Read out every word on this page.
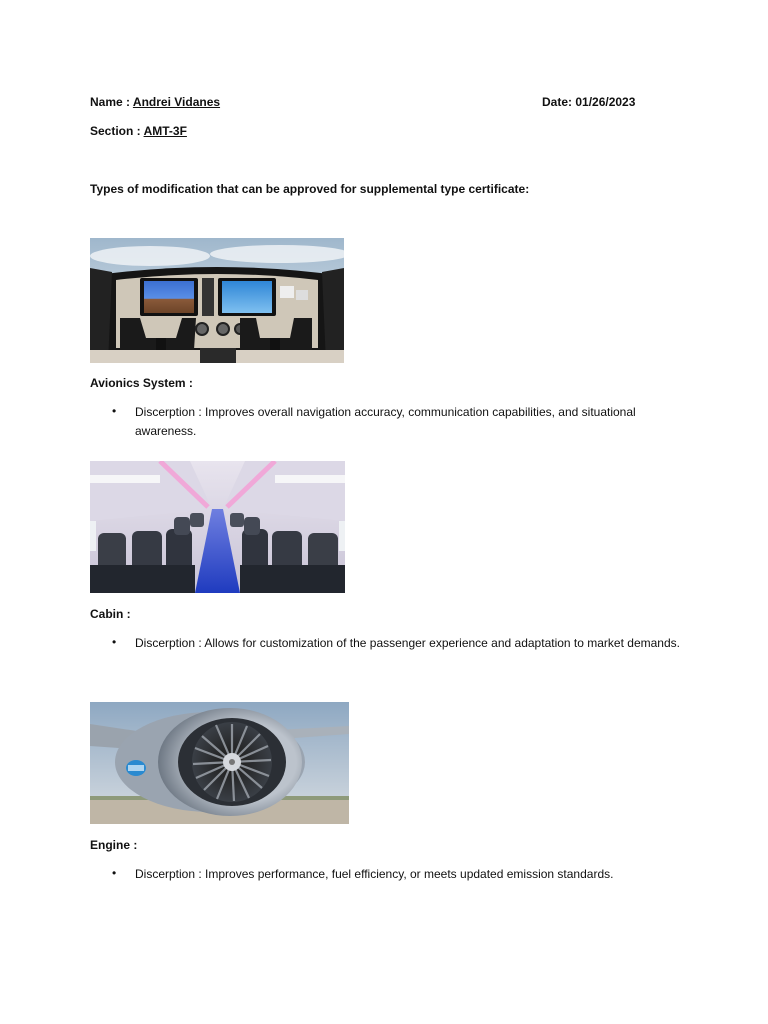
Name : Andrei Vidanes	Date: 01/26/2023
Section : AMT-3F
Types of modification that can be approved for supplemental type certificate:
Avionics System :
• Discerption : Improves overall navigation accuracy, communication capabilities, and situational awareness.
Cabin :
• Discerption : Allows for customization of the passenger experience and adaptation to market demands.
Engine :
• Discerption : Improves performance, fuel efficiency, or meets updated emission standards.
